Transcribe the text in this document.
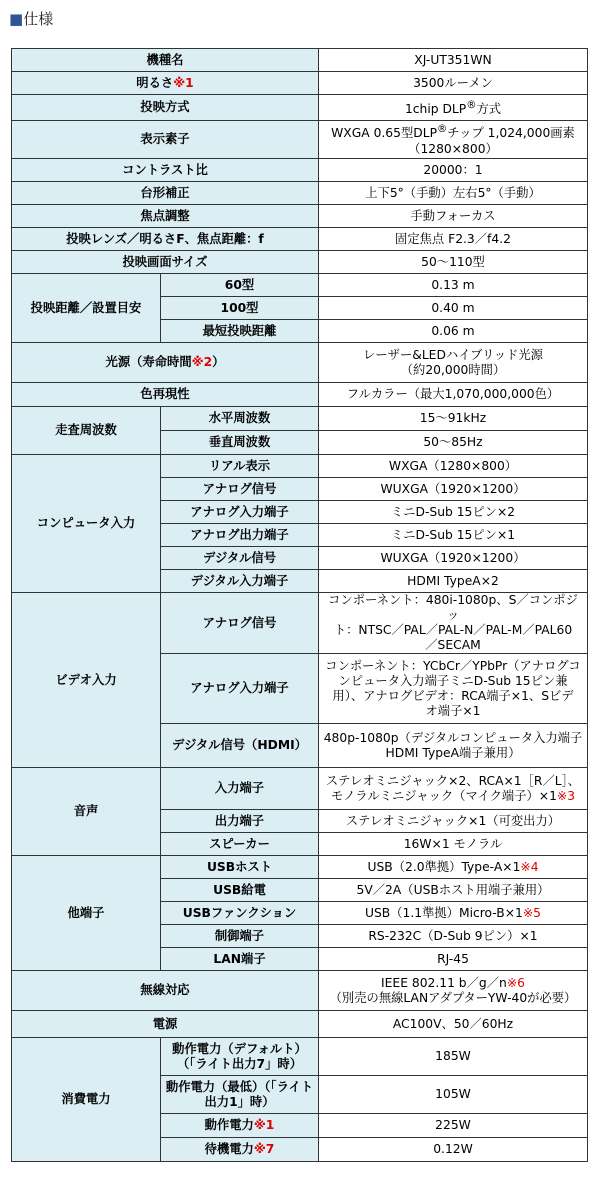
■仕様
機種名		XJ-UT351WN
明るさ※1		3500ルーメン
投映方式		1chip DLP®方式
表示素子		WXGA 0.65型DLP®チップ 1,024,000画素
（1280×800）

コントラスト比		20000：1
台形補正		上下5°（手動）左右5°（手動）
焦点調整		手動フォーカス
投映レンズ／明るさF、焦点距離：f		固定焦点 F2.3／f4.2
投映画面サイズ		50〜110型
投映距離／設置目安	60型	0.13 m
	100型	0.40 m
	最短投映距離	0.06 m
光源（寿命時間※2）		レーザー&LEDハイブリッド光源
（約20,000時間）

色再現性		フルカラー（最大1,070,000,000色）
走査周波数	水平周波数	15〜91kHz
	垂直周波数	50〜85Hz
コンピュータ入力	リアル表示	WXGA（1280×800）
	アナログ信号	WUXGA（1920×1200）
	アナログ入力端子	ミニD-Sub 15ピン×2
	アナログ出力端子	ミニD-Sub 15ピン×1
	デジタル信号	WUXGA（1920×1200）
	デジタル入力端子	HDMI TypeA×2
ビデオ入力	アナログ信号	コンポーネント：480i-1080p、S／コンポジッ
ト：NTSC／PAL／PAL-N／PAL-M／PAL60
／SECAM

	アナログ入力端子	コンポーネント：YCbCr／YPbPr（アナログコ
ンピュータ入力端子ミニD-Sub 15ピン兼
用）、アナログビデオ：RCA端子×1、Sビデ
オ端子×1

	デジタル信号（HDMI）	480p-1080p（デジタルコンピュータ入力端子
HDMI TypeA端子兼用）

音声	入力端子	ステレオミニジャック×2、RCA×1［R／L］、
モノラルミニジャック（マイク端子）×1※3

	出力端子	ステレオミニジャック×1（可変出力）
	スピーカー	16W×1 モノラル
他端子	USBホスト	USB（2.0準拠）Type-A×1※4
	USB給電	5V／2A（USBホスト用端子兼用）
	USBファンクション	USB（1.1準拠）Micro-B×1※5
	制御端子	RS-232C（D-Sub 9ピン）×1
	LAN端子	RJ-45
無線対応		IEEE 802.11 b／g／n※6
（別売の無線LANアダプターYW-40が必要）

電源		AC100V、50／60Hz
消費電力	動作電力（デフォルト）（「ライト出力7」時）	185W
	動作電力（最低）（「ライト出力1」時）	105W
	動作電力※1	225W
	待機電力※7	0.12W
